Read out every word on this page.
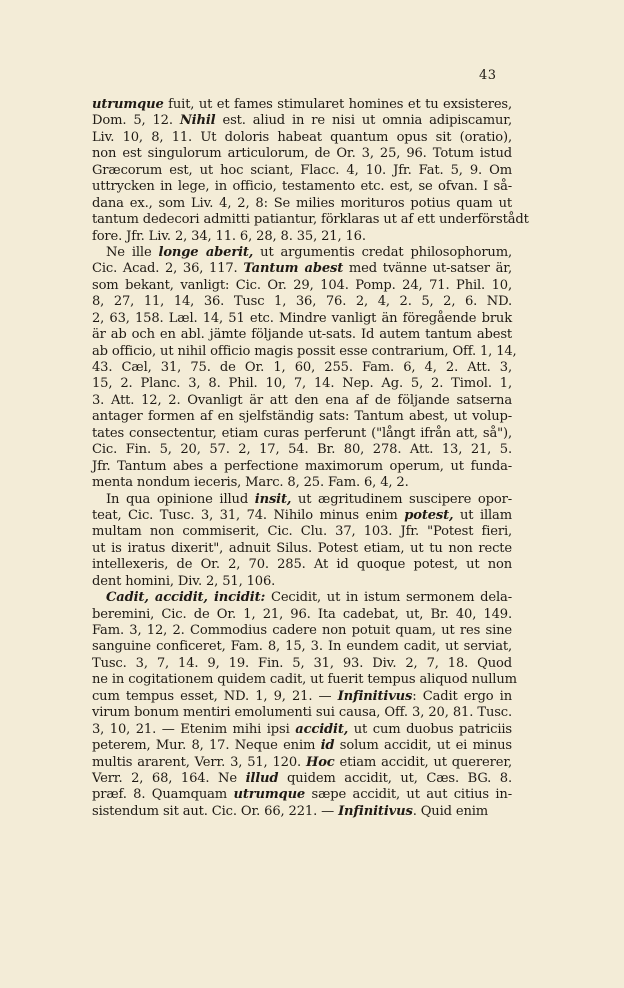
43
utrumque fuit, ut et fames stimularet homines et tu exsisteres,
Dom. 5, 12. Nihil est. aliud in re nisi ut omnia adipiscamur,
Liv. 10, 8, 11. Ut doloris habeat quantum opus sit (oratio),
non est singulorum articulorum, de Or. 3, 25, 96. Totum istud
Græcorum est, ut hoc sciant, Flacc. 4, 10. Jfr. Fat. 5, 9. Om
uttrycken in lege, in officio, testamento etc. est, se ofvan. I så-
dana ex., som Liv. 4, 2, 8: Se milies morituros potius quam ut
tantum dedecori admitti patiantur, förklaras ut af ett underförstådt
fore. Jfr. Liv. 2, 34, 11. 6, 28, 8. 35, 21, 16.
Ne ille longe aberit, ut argumentis credat philosophorum,
Cic. Acad. 2, 36, 117. Tantum abest med tvänne ut-satser är,
som bekant, vanligt: Cic. Or. 29, 104. Pomp. 24, 71. Phil. 10,
8, 27, 11, 14, 36. Tusc 1, 36, 76. 2, 4, 2. 5, 2, 6. ND.
2, 63, 158. Læl. 14, 51 etc. Mindre vanligt än föregående bruk
är ab och en abl. jämte följande ut-sats. Id autem tantum abest
ab officio, ut nihil officio magis possit esse contrarium, Off. 1, 14,
43. Cæl, 31, 75. de Or. 1, 60, 255. Fam. 6, 4, 2. Att. 3,
15, 2. Planc. 3, 8. Phil. 10, 7, 14. Nep. Ag. 5, 2. Timol. 1,
3. Att. 12, 2. Ovanligt är att den ena af de följande satserna
antager formen af en sjelfständig sats: Tantum abest, ut volup-
tates consectentur, etiam curas perferunt ("långt ifrån att, så"),
Cic. Fin. 5, 20, 57. 2, 17, 54. Br. 80, 278. Att. 13, 21, 5.
Jfr. Tantum abes a perfectione maximorum operum, ut funda-
menta nondum ieceris, Marc. 8, 25. Fam. 6, 4, 2.
In qua opinione illud insit, ut ægritudinem suscipere opor-
teat, Cic. Tusc. 3, 31, 74. Nihilo minus enim potest, ut illam
multam non commiserit, Cic. Clu. 37, 103. Jfr. "Potest fieri,
ut is iratus dixerit", adnuit Silus. Potest etiam, ut tu non recte
intellexeris, de Or. 2, 70. 285. At id quoque potest, ut non
dent homini, Div. 2, 51, 106.
Cadit, accidit, incidit: Cecidit, ut in istum sermonem dela-
beremini, Cic. de Or. 1, 21, 96. Ita cadebat, ut, Br. 40, 149.
Fam. 3, 12, 2. Commodius cadere non potuit quam, ut res sine
sanguine conficeret, Fam. 8, 15, 3. In eundem cadit, ut serviat,
Tusc. 3, 7, 14. 9, 19. Fin. 5, 31, 93. Div. 2, 7, 18. Quod
ne in cogitationem quidem cadit, ut fuerit tempus aliquod nullum
cum tempus esset, ND. 1, 9, 21. — Infinitivus: Cadit ergo in
virum bonum mentiri emolumenti sui causa, Off. 3, 20, 81. Tusc.
3, 10, 21. — Etenim mihi ipsi accidit, ut cum duobus patriciis
peterem, Mur. 8, 17. Neque enim id solum accidit, ut ei minus
multis ararent, Verr. 3, 51, 120. Hoc etiam accidit, ut quererer,
Verr. 2, 68, 164. Ne illud quidem accidit, ut, Cæs. BG. 8.
præf. 8. Quamquam utrumque sæpe accidit, ut aut citius in-
sistendum sit aut. Cic. Or. 66, 221. — Infinitivus. Quid enim
